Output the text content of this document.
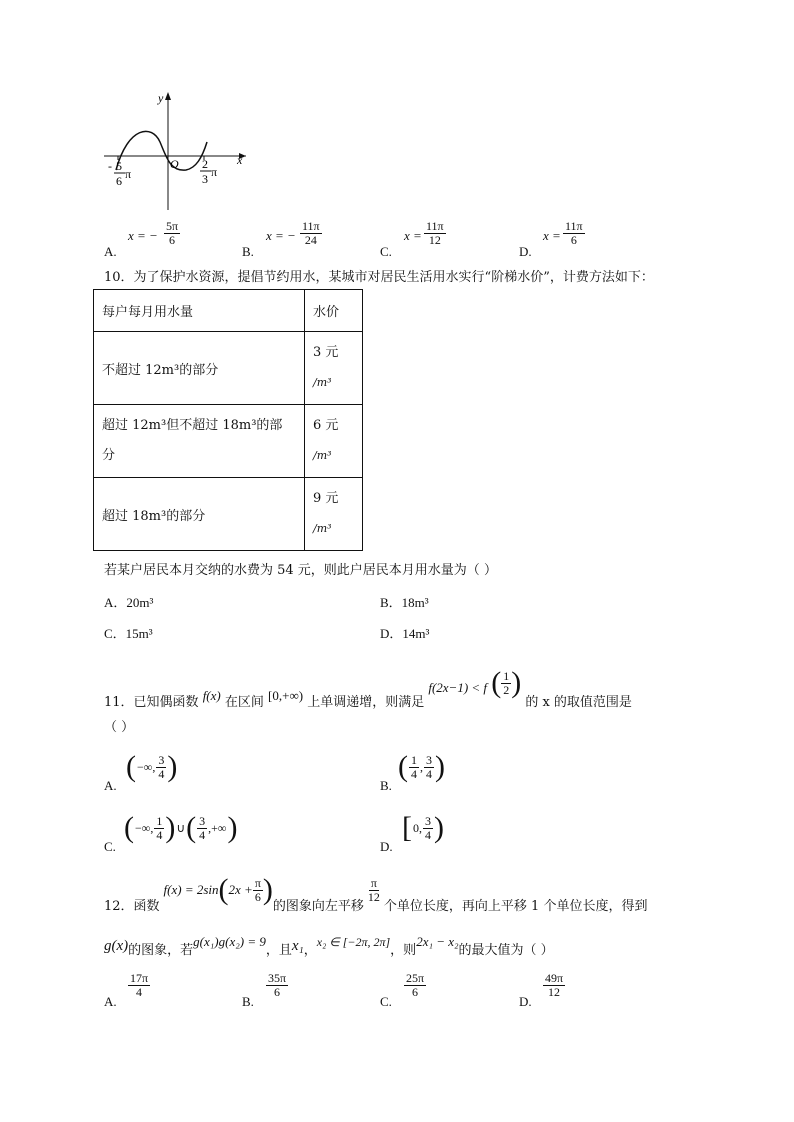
y
x
O
- 5
6 π
2
3 π
A.
x = − $\frac{5\pi}{6}$
B.
x = − $\frac{11\pi}{24}$
C.
$x = \frac{11\pi}{12}$
D.
$x = \frac{11\pi}{6}$
10．为了保护水资源，提倡节约用水，某城市对居民生活用水实行“阶梯水价”，计费方法如下：
每户每月用水量	水价
不超过 12m³的部分	3 元
/m³
超过 12m³但不超过 18m³的部
分	6 元
/m³
超过 18m³的部分	9 元
/m³
若某户居民本月交纳的水费为 54 元，则此户居民本月用水量为（ ）
A．20m³	B．18m³
C．15m³	D．14m³
11．已知偶函数 f(x) 在区间 [0,+∞) 上单调递增，则满足 f(2x−1) < f ( $\frac{1}{2}$ )
的 x 的取值范围是
（ ）
A.
( −∞, $\frac{3}{4}$ )
B.
( $\frac{1}{4}$ , $\frac{3}{4}$ )
C.
( −∞, $\frac{1}{4}$ ) ∪ ( $\frac{3}{4}$ ,+∞ )
D.
[ 0, $\frac{3}{4}$ )
12．函数
f(x) = 2sin ( $2x + \frac{\pi}{6}$ ) 的图象向左平移
$\frac{\pi}{12}$
个单位长度，再向上平移 1 个单位长度，得到
g(x)的图象，若g(x₁)g(x₂) = 9，且x₁，x₂ ∈ [−2π, 2π]，则2x₁ − x₂的最大值为（ ）
A.
$\frac{17\pi}{4}$
B.
$\frac{35\pi}{6}$
C.
$\frac{25\pi}{6}$
D.
$\frac{49\pi}{12}$
